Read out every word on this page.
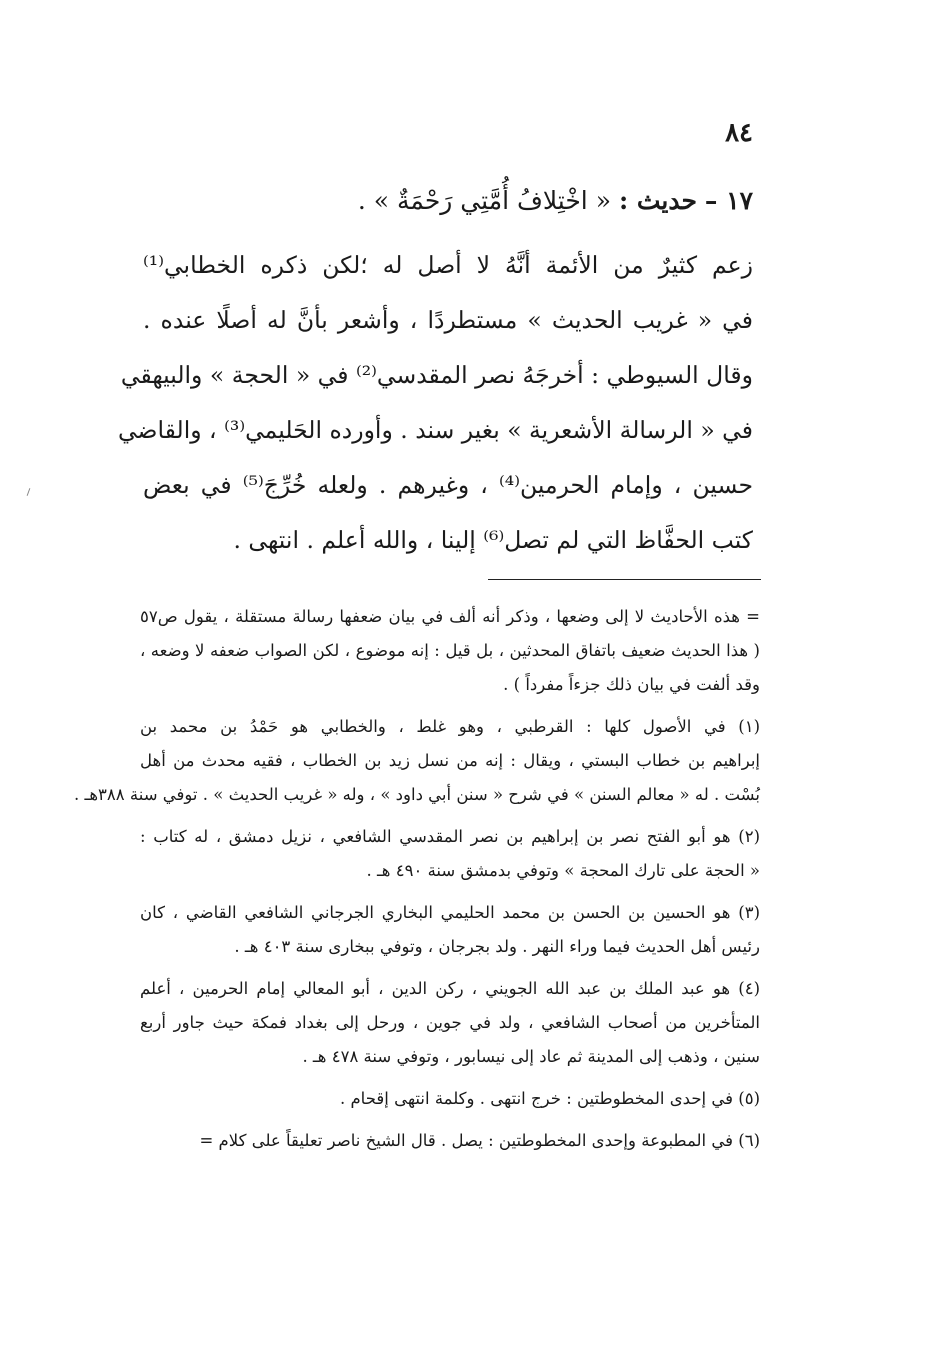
٨٤
١٧ – حديث : « اخْتِلافُ أُمَّتِي رَحْمَةٌ » .
زعم كثيرٌ من الأئمة أنَّهُ لا أصل له ؛لكن ذكره الخطابي⁽¹⁾
في « غريب الحديث » مستطردًا ، وأشعر بأنَّ له أصلًا عنده .
وقال السيوطي : أخرجَهُ نصر المقدسي⁽²⁾ في « الحجة » والبيهقي
في « الرسالة الأشعرية » بغير سند . وأورده الحَليمي⁽³⁾ ، والقاضي
حسين ، وإمام الحرمين⁽⁴⁾ ، وغيرهم . ولعله خُرِّجَ⁽⁵⁾ في بعض
كتب الحفَّاظ التي لم تصل⁽⁶⁾ إلينا ، والله أعلم . انتهى .
= هذه الأحاديث لا إلى وضعها ، وذكر أنه ألف في بيان ضعفها رسالة مستقلة ، يقول ص٥٧
( هذا الحديث ضعيف باتفاق المحدثين ، بل قيل : إنه موضوع ، لكن الصواب ضعفه لا وضعه ،
وقد ألفت في بيان ذلك جزءاً مفرداً ) .
(١) في الأصول كلها : القرطبي ، وهو غلط ، والخطابي هو حَمْدُ بن محمد بن
إبراهيم بن خطاب البستي ، ويقال : إنه من نسل زيد بن الخطاب ، فقيه محدث من أهل
بُسْت . له « معالم السنن » في شرح « سنن أبي داود » ، وله « غريب الحديث » . توفي سنة ٣٨٨هـ .
(٢) هو أبو الفتح نصر بن إبراهيم بن نصر المقدسي الشافعي ، نزيل دمشق ، له كتاب :
« الحجة على تارك المحجة » وتوفي بدمشق سنة ٤٩٠ هـ .
(٣) هو الحسين بن الحسن بن محمد الحليمي البخاري الجرجاني الشافعي القاضي ، كان
رئيس أهل الحديث فيما وراء النهر . ولد بجرجان ، وتوفي ببخارى سنة ٤٠٣ هـ .
(٤) هو عبد الملك بن عبد الله الجويني ، ركن الدين ، أبو المعالي إمام الحرمين ، أعلم
المتأخرين من أصحاب الشافعي ، ولد في جوين ، ورحل إلى بغداد فمكة حيث جاور أربع
سنين ، وذهب إلى المدينة ثم عاد إلى نيسابور ، وتوفي سنة ٤٧٨ هـ .
(٥) في إحدى المخطوطتين : خرج انتهى . وكلمة انتهى إقحام .
(٦) في المطبوعة وإحدى المخطوطتين : يصل . قال الشيخ ناصر تعليقاً على كلام =
